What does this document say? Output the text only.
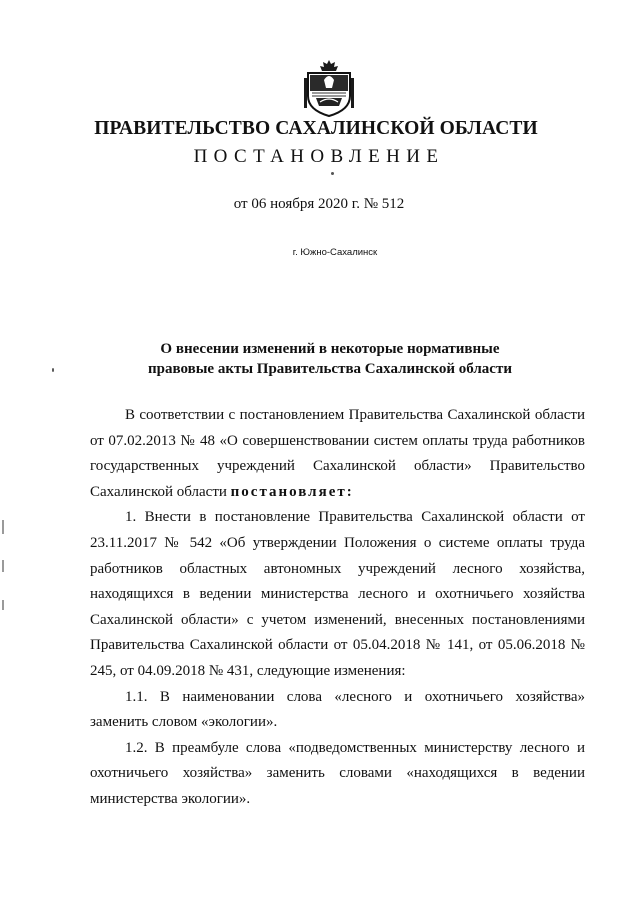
ПРАВИТЕЛЬСТВО САХАЛИНСКОЙ ОБЛАСТИ
ПОСТАНОВЛЕНИЕ
от 06 ноября 2020 г. № 512
г. Южно-Сахалинск
О внесении изменений в некоторые нормативные
правовые акты Правительства Сахалинской области

В соответствии с постановлением Правительства Сахалинской области от 07.02.2013 № 48 «О совершенствовании систем оплаты труда работников государственных учреждений Сахалинской области» Правительство Сахалинской области постановляет:

1. Внести в постановление Правительства Сахалинской области от 23.11.2017 № 542 «Об утверждении Положения о системе оплаты труда работников областных автономных учреждений лесного хозяйства, находящихся в ведении министерства лесного и охотничьего хозяйства Сахалинской области» с учетом изменений, внесенных постановлениями Правительства Сахалинской области от 05.04.2018 № 141, от 05.06.2018 № 245, от 04.09.2018 № 431, следующие изменения:

1.1. В наименовании слова «лесного и охотничьего хозяйства» заменить словом «экологии».

1.2. В преамбуле слова «подведомственных министерству лесного и охотничьего хозяйства» заменить словами «находящихся в ведении министерства экологии».
